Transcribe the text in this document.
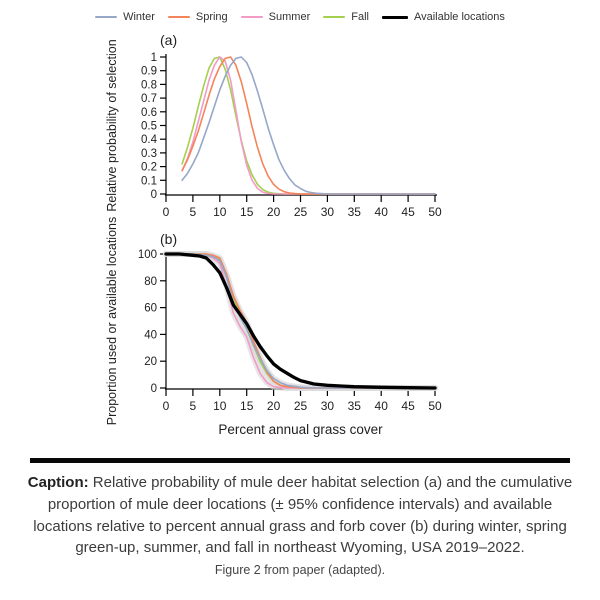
Winter	Spring	Summer	Fall	Available locations
0
0.1
0.2
0.3
0.4
0.5
0.6
0.7
0.8
0.9
1
0 5 10 15 20 25 30 35 40 45 50
(a)
Relative probability of selection
0
20
40
60
80
100
0 5 10 15 20 25 30 35 40 45 50
(b)
Proportion used or available locations
Percent annual grass cover

Caption: Relative probability of mule deer habitat selection (a) and the cumulative proportion of mule deer locations (± 95% confidence intervals) and available locations relative to percent annual grass and forb cover (b) during winter, spring green-up, summer, and fall in northeast Wyoming, USA 2019–2022.

Figure 2 from paper (adapted).
